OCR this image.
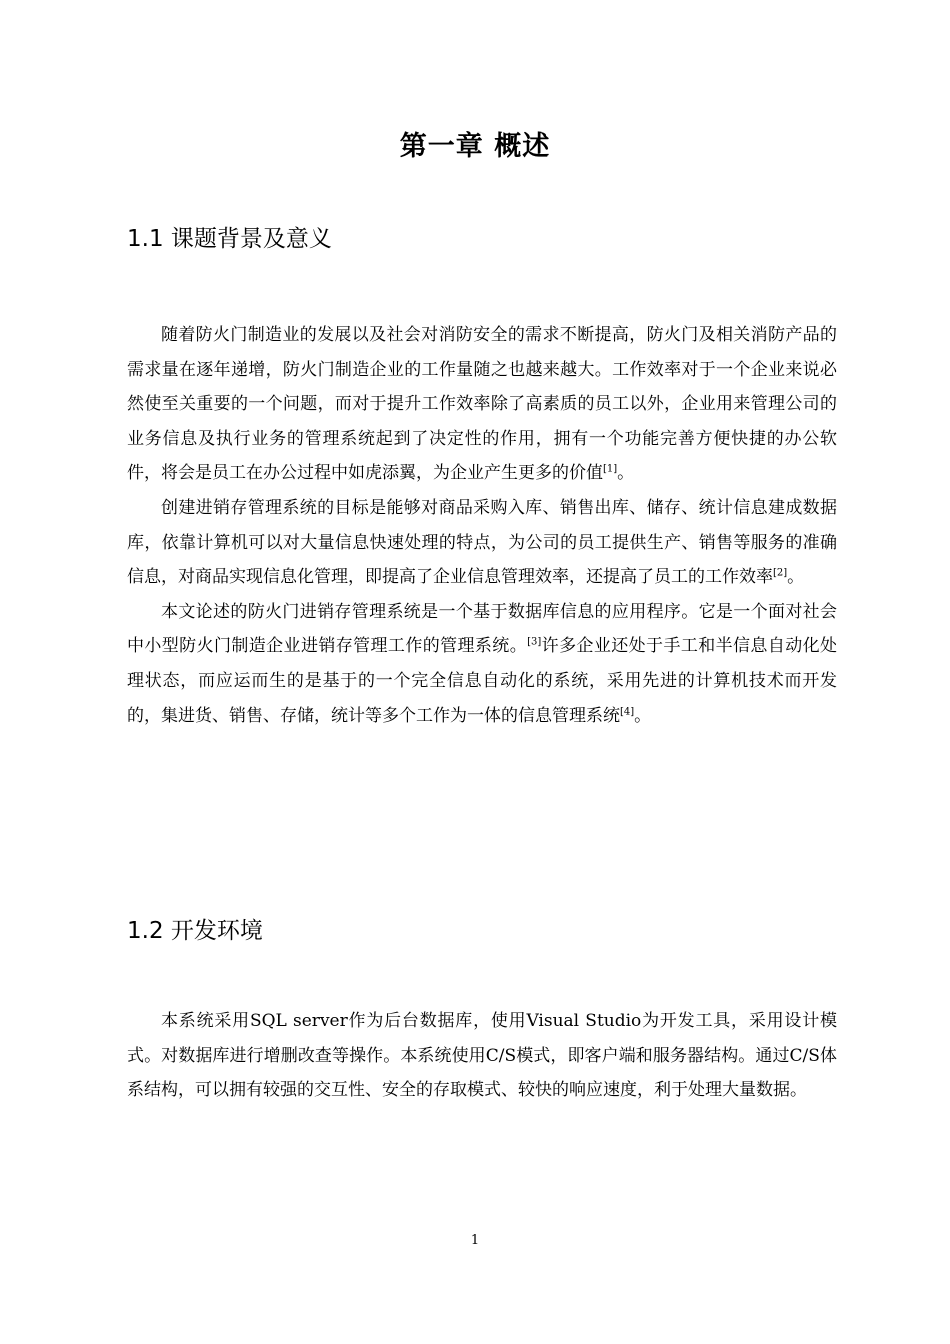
第一章 概述
1.1 课题背景及意义

随着防火门制造业的发展以及社会对消防安全的需求不断提高，防火门及相关消防产品的需求量在逐年递增，防火门制造企业的工作量随之也越来越大。工作效率对于一个企业来说必然使至关重要的一个问题，而对于提升工作效率除了高素质的员工以外，企业用来管理公司的业务信息及执行业务的管理系统起到了决定性的作用，拥有一个功能完善方便快捷的办公软件，将会是员工在办公过程中如虎添翼，为企业产生更多的价值[1]。

创建进销存管理系统的目标是能够对商品采购入库、销售出库、储存、统计信息建成数据库，依靠计算机可以对大量信息快速处理的特点，为公司的员工提供生产、销售等服务的准确信息，对商品实现信息化管理，即提高了企业信息管理效率，还提高了员工的工作效率[2]。

本文论述的防火门进销存管理系统是一个基于数据库信息的应用程序。它是一个面对社会中小型防火门制造企业进销存管理工作的管理系统。[3]许多企业还处于手工和半信息自动化处理状态，而应运而生的是基于的一个完全信息自动化的系统，采用先进的计算机技术而开发的，集进货、销售、存储，统计等多个工作为一体的信息管理系统[4]。

1.2 开发环境

本系统采用SQL server作为后台数据库，使用Visual Studio为开发工具，采用设计模式。对数据库进行增删改查等操作。本系统使用C/S模式，即客户端和服务器结构。通过C/S体系结构，可以拥有较强的交互性、安全的存取模式、较快的响应速度，利于处理大量数据。

1
